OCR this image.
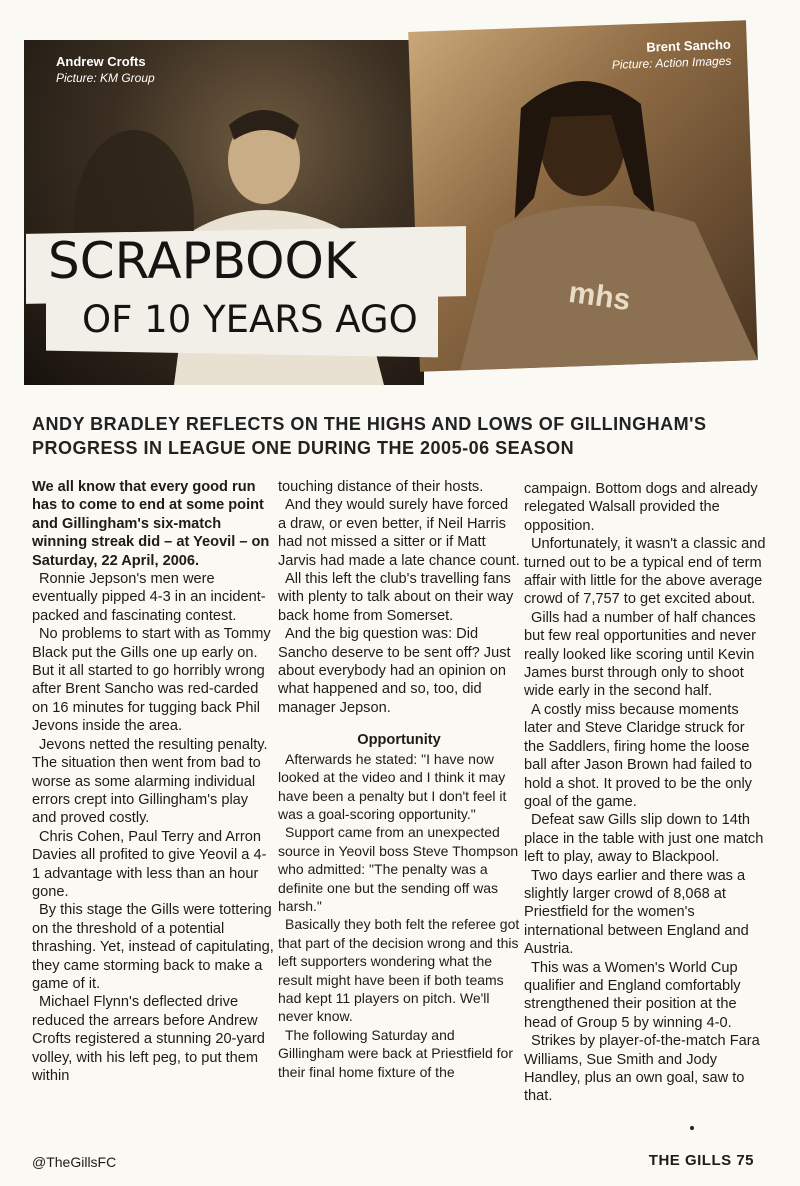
Andrew Crofts
Picture: KM Group
mhs
Brent Sancho
Picture: Action Images
SCRAPBOOK
OF 10 YEARS AGO
ANDY BRADLEY REFLECTS ON THE HIGHS AND LOWS OF GILLINGHAM'S PROGRESS IN LEAGUE ONE DURING THE 2005-06 SEASON

We all know that every good run has to come to end at some point and Gillingham's six-match winning streak did – at Yeovil – on Saturday, 22 April, 2006.

Ronnie Jepson's men were eventually pipped 4-3 in an incident-packed and fascinating contest.

No problems to start with as Tommy Black put the Gills one up early on. But it all started to go horribly wrong after Brent Sancho was red-carded on 16 minutes for tugging back Phil Jevons inside the area.

Jevons netted the resulting penalty. The situation then went from bad to worse as some alarming individual errors crept into Gillingham's play and proved costly.

Chris Cohen, Paul Terry and Arron Davies all profited to give Yeovil a 4-1 advantage with less than an hour gone.

By this stage the Gills were tottering on the threshold of a potential thrashing. Yet, instead of capitulating, they came storming back to make a game of it.

Michael Flynn's deflected drive reduced the arrears before Andrew Crofts registered a stunning 20-yard volley, with his left peg, to put them within

touching distance of their hosts.

And they would surely have forced a draw, or even better, if Neil Harris had not missed a sitter or if Matt Jarvis had made a late chance count.

All this left the club's travelling fans with plenty to talk about on their way back home from Somerset.

And the big question was: Did Sancho deserve to be sent off? Just about everybody had an opinion on what happened and so, too, did manager Jepson.

Opportunity

Afterwards he stated: "I have now looked at the video and I think it may have been a penalty but I don't feel it was a goal-scoring opportunity."

Support came from an unexpected source in Yeovil boss Steve Thompson who admitted: "The penalty was a definite one but the sending off was harsh."

Basically they both felt the referee got that part of the decision wrong and this left supporters wondering what the result might have been if both teams had kept 11 players on pitch. We'll never know.

The following Saturday and Gillingham were back at Priestfield for their final home fixture of the

campaign. Bottom dogs and already relegated Walsall provided the opposition.

Unfortunately, it wasn't a classic and turned out to be a typical end of term affair with little for the above average crowd of 7,757 to get excited about.

Gills had a number of half chances but few real opportunities and never really looked like scoring until Kevin James burst through only to shoot wide early in the second half.

A costly miss because moments later and Steve Claridge struck for the Saddlers, firing home the loose ball after Jason Brown had failed to hold a shot. It proved to be the only goal of the game.

Defeat saw Gills slip down to 14th place in the table with just one match left to play, away to Blackpool.

Two days earlier and there was a slightly larger crowd of 8,068 at Priestfield for the women's international between England and Austria.

This was a Women's World Cup qualifier and England comfortably strengthened their position at the head of Group 5 by winning 4-0.

Strikes by player-of-the-match Fara Williams, Sue Smith and Jody Handley, plus an own goal, saw to that.

@TheGillsFC	THE GILLS 75
